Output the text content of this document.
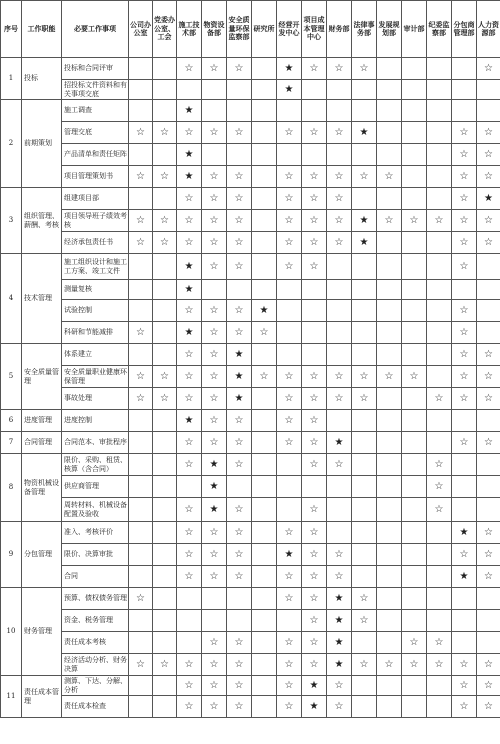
序号	工作职能	必要工作事项	公司办公室	党委办公室、工会	施工技术部	物资设备部	安全质量环保监察部	研究所	经营开发中心	项目成本管理中心	财务部	法律事务部	发展规划部	审计部	纪委监察部	分包商管理部	人力资源部
1	投标	投标和合同评审			☆	☆	☆		★	☆	☆	☆					☆
		招投标文件资料和有关事项交底							★								
2	前期策划	施工调查			★												
		管理交底	☆	☆	☆	☆	☆		☆	☆	☆	★				☆	☆
		产品清单和责任矩阵			★											☆	☆
		项目管理策划书	☆	☆	★	☆	☆		☆	☆	☆	☆	☆			☆	☆
3	组织管理、薪酬、考核	组建项目部			☆	☆	☆		☆	☆	☆					☆	★
		项目领导班子绩效考核	☆	☆	☆	☆	☆		☆	☆	☆	★	☆	☆	☆	☆	☆
		经济承包责任书	☆	☆	☆	☆	☆		☆	☆	☆	★				☆	☆
4	技术管理	施工组织设计和施工工方案、竣工文件			★	☆	☆		☆	☆						☆	
		测量复核			★												
		试验控制			☆	☆	☆	★								☆	
		科研和节能减排	☆		★	☆	☆	☆								☆	
5	安全质量管理	体系建立			☆	☆	★									☆	☆
		安全质量职业健康环保管理	☆	☆	☆	☆	★	☆	☆	☆	☆	☆	☆	☆		☆	☆
		事故处理	☆	☆	☆	☆	★		☆	☆	☆	☆			☆	☆	☆
6	进度管理	进度控制			★	☆	☆		☆	☆							
7	合同管理	合同范本、审批程序			☆	☆	☆		☆	☆	★					☆	☆
8	物资机械设备管理	限价、采购、租赁、核算（含合同）			☆	★	☆			☆	☆				☆		
		供应商管理				★									☆		
		周转材料、机械设备配置及验收			☆	★	☆			☆					☆		
9	分包管理	准入、考核评价			☆	☆	☆		☆	☆						★	☆
		限价、决算审批			☆	☆	☆		★	☆	☆					☆	☆
		合同			☆	☆	☆		☆	☆	☆					★	☆
10	财务管理	预算、债权债务管理	☆						☆	☆	★	☆					
		资金、税务管理								☆	★	☆					
		责任成本考核				☆	☆		☆	☆	★			☆	☆		
		经济活动分析、财务决算	☆	☆	☆	☆	☆		☆	☆	★	☆	☆	☆	☆	☆	☆
11	责任成本管理	测算、下达、分解、分析			☆	☆	☆		☆	★	☆					☆	☆
		责任成本检查			☆	☆	☆		☆	★	☆					☆	☆
